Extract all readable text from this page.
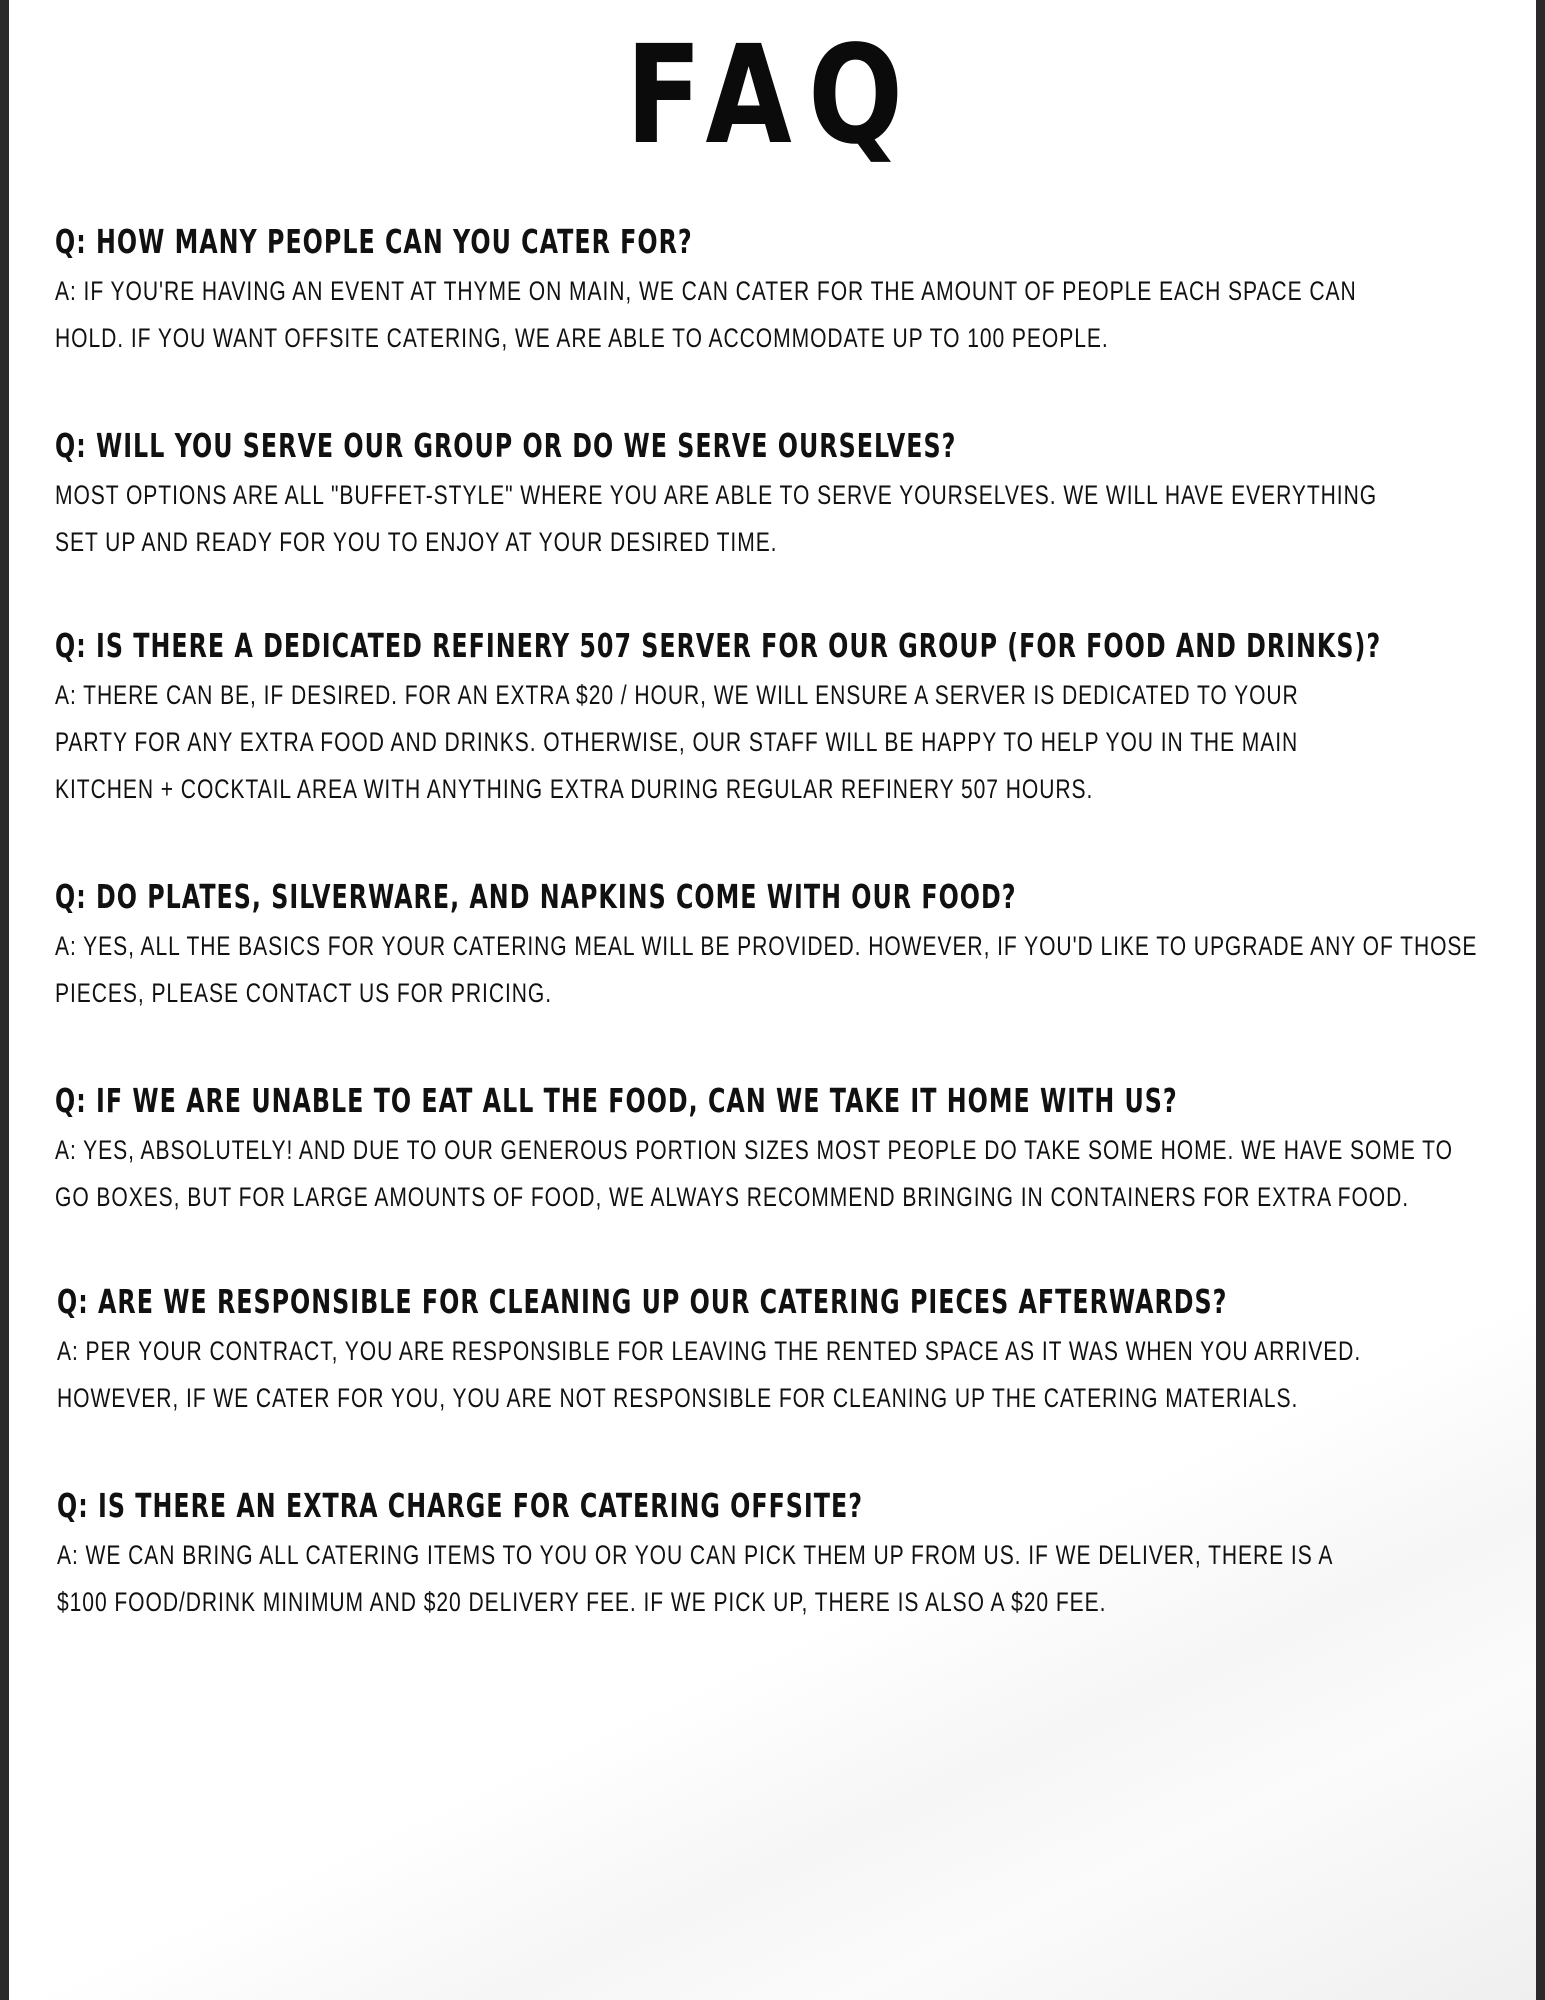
FAQ
Q: HOW MANY PEOPLE CAN YOU CATER FOR?
A: IF YOU'RE HAVING AN EVENT AT THYME ON MAIN, WE CAN CATER FOR THE AMOUNT OF PEOPLE EACH SPACE CAN
HOLD. IF YOU WANT OFFSITE CATERING, WE ARE ABLE TO ACCOMMODATE UP TO 100 PEOPLE.
Q: WILL YOU SERVE OUR GROUP OR DO WE SERVE OURSELVES?
MOST OPTIONS ARE ALL "BUFFET-STYLE" WHERE YOU ARE ABLE TO SERVE YOURSELVES. WE WILL HAVE EVERYTHING
SET UP AND READY FOR YOU TO ENJOY AT YOUR DESIRED TIME.
Q: IS THERE A DEDICATED REFINERY 507 SERVER FOR OUR GROUP (FOR FOOD AND DRINKS)?
A: THERE CAN BE, IF DESIRED. FOR AN EXTRA $20 / HOUR, WE WILL ENSURE A SERVER IS DEDICATED TO YOUR
PARTY FOR ANY EXTRA FOOD AND DRINKS. OTHERWISE, OUR STAFF WILL BE HAPPY TO HELP YOU IN THE MAIN
KITCHEN + COCKTAIL AREA WITH ANYTHING EXTRA DURING REGULAR REFINERY 507 HOURS.
Q: DO PLATES, SILVERWARE, AND NAPKINS COME WITH OUR FOOD?
A: YES, ALL THE BASICS FOR YOUR CATERING MEAL WILL BE PROVIDED. HOWEVER, IF YOU'D LIKE TO UPGRADE ANY OF THOSE
PIECES, PLEASE CONTACT US FOR PRICING.
Q: IF WE ARE UNABLE TO EAT ALL THE FOOD, CAN WE TAKE IT HOME WITH US?
A: YES, ABSOLUTELY! AND DUE TO OUR GENEROUS PORTION SIZES MOST PEOPLE DO TAKE SOME HOME. WE HAVE SOME TO
GO BOXES, BUT FOR LARGE AMOUNTS OF FOOD, WE ALWAYS RECOMMEND BRINGING IN CONTAINERS FOR EXTRA FOOD.
Q: ARE WE RESPONSIBLE FOR CLEANING UP OUR CATERING PIECES AFTERWARDS?
A: PER YOUR CONTRACT, YOU ARE RESPONSIBLE FOR LEAVING THE RENTED SPACE AS IT WAS WHEN YOU ARRIVED.
HOWEVER, IF WE CATER FOR YOU, YOU ARE NOT RESPONSIBLE FOR CLEANING UP THE CATERING MATERIALS.
Q: IS THERE AN EXTRA CHARGE FOR CATERING OFFSITE?
A: WE CAN BRING ALL CATERING ITEMS TO YOU OR YOU CAN PICK THEM UP FROM US. IF WE DELIVER, THERE IS A
$100 FOOD/DRINK MINIMUM AND $20 DELIVERY FEE. IF WE PICK UP, THERE IS ALSO A $20 FEE.
